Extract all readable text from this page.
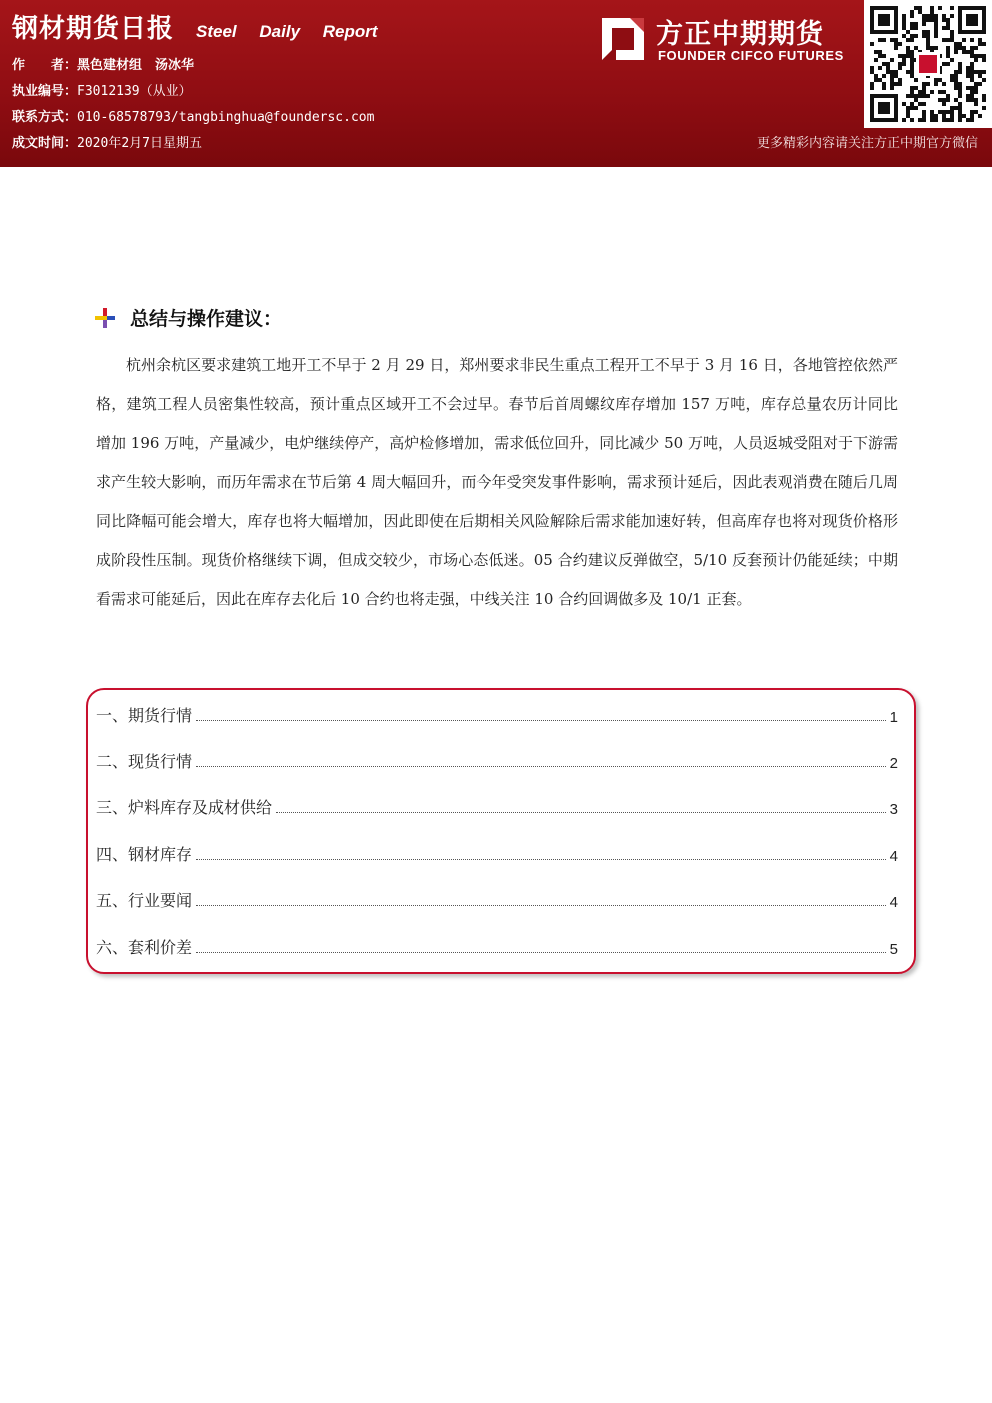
钢材期货日报 Steel Daily Report
作　　者：黑色建材组　汤冰华
执业编号：F3012139（从业）
联系方式：010-68578793/tangbinghua@foundersc.com
成文时间：2020年2月7日星期五
方正中期期货
FOUNDER CIFCO FUTURES
更多精彩内容请关注方正中期官方微信
总结与操作建议：
杭州余杭区要求建筑工地开工不早于 2 月 29 日，郑州要求非民生重点工程开工不早于 3 月 16 日，各地管控依然严格，建筑工程人员密集性较高，预计重点区域开工不会过早。春节后首周螺纹库存增加 157 万吨，库存总量农历计同比增加 196 万吨，产量减少，电炉继续停产，高炉检修增加，需求低位回升，同比减少 50 万吨，人员返城受阻对于下游需求产生较大影响，而历年需求在节后第 4 周大幅回升，而今年受突发事件影响，需求预计延后，因此表观消费在随后几周同比降幅可能会增大，库存也将大幅增加，因此即使在后期相关风险解除后需求能加速好转，但高库存也将对现货价格形成阶段性压制。现货价格继续下调，但成交较少，市场心态低迷。05 合约建议反弹做空，5/10 反套预计仍能延续；中期看需求可能延后，因此在库存去化后 10 合约也将走强，中线关注 10 合约回调做多及 10/1 正套。
一、期货行情	1
二、现货行情	2
三、炉料库存及成材供给	3
四、钢材库存	4
五、行业要闻	4
六、套利价差	5
